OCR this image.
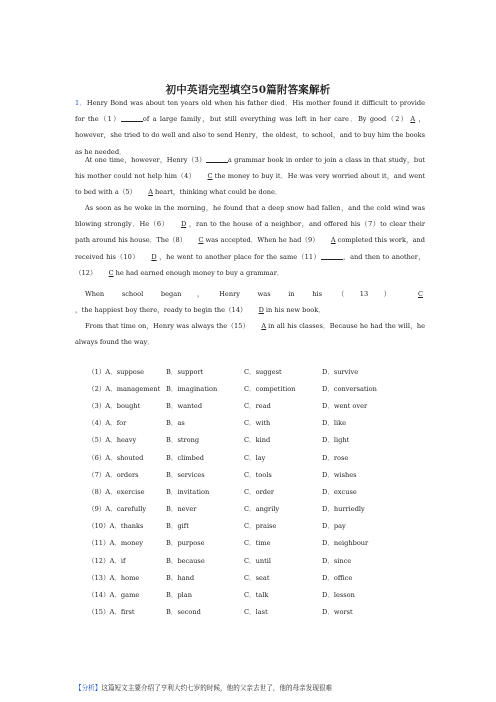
初中英语完型填空50篇附答案解析
1．Henry Bond was about ten years old when his father died．His mother found it difficult to provide for the（1）	of a large family，but still everything was left in her care．By good（2） A ，however，she tried to do well and also to send Henry，the oldest，to school，and to buy him the books as he needed．
At one time，however，Henry（3）	a grammar book in order to join a class in that study，but his mother could not help him（4） C the money to buy it．He was very worried about it，and went to bed with a（5） A heart，thinking what could be done．
As soon as he woke in the morning，he found that a deep snow had fallen，and the cold wind was blowing strongly．He（6） D ，ran to the house of a neighbor，and offered his（7）to clear their path around his house．The（8） C was accepted．When he had（9） A completed this work，and received his（10） D ，he went to another place for the same（11）	，and then to another，（12） C he had earned enough money to buy a grammar．
When school began，Henry was in his（13） C，the happiest boy there，ready to begin the（14） D in his new book．
From that time on，Henry was always the（15） A in all his classes．Because he had the will，he always found the way．
（1）A．suppose	B．support	C．suggest	D．survive
（2）A．management B．imagination	C．competition	D．conversation
（3）A．bought	B．wanted	C．read	D．went over
（4）A．for	B．as	C．with	D．like
（5）A．heavy	B．strong	C．kind	D．light
（6）A．shouted	B．climbed	C．lay	D．rose
（7）A．orders	B．services	C．tools	D．wishes
（8）A．exercise	B．invitation	C．order	D．excuse
（9）A．carefully	B．never	C．angrily	D．hurriedly
（10）A．thanks	B．gift	C．praise	D．pay
（11）A．money	B．purpose	C．time	D．neighbour
（12）A．if	B．because	C．until	D．since
（13）A．home	B．hand	C．seat	D．office
（14）A．game	B．plan	C．talk	D．lesson
（15）A．first	B．second	C．last	D．worst
【分析】这篇短文主要介绍了亨利大约七岁的时候，他的父亲去世了，他的母亲发现很难
